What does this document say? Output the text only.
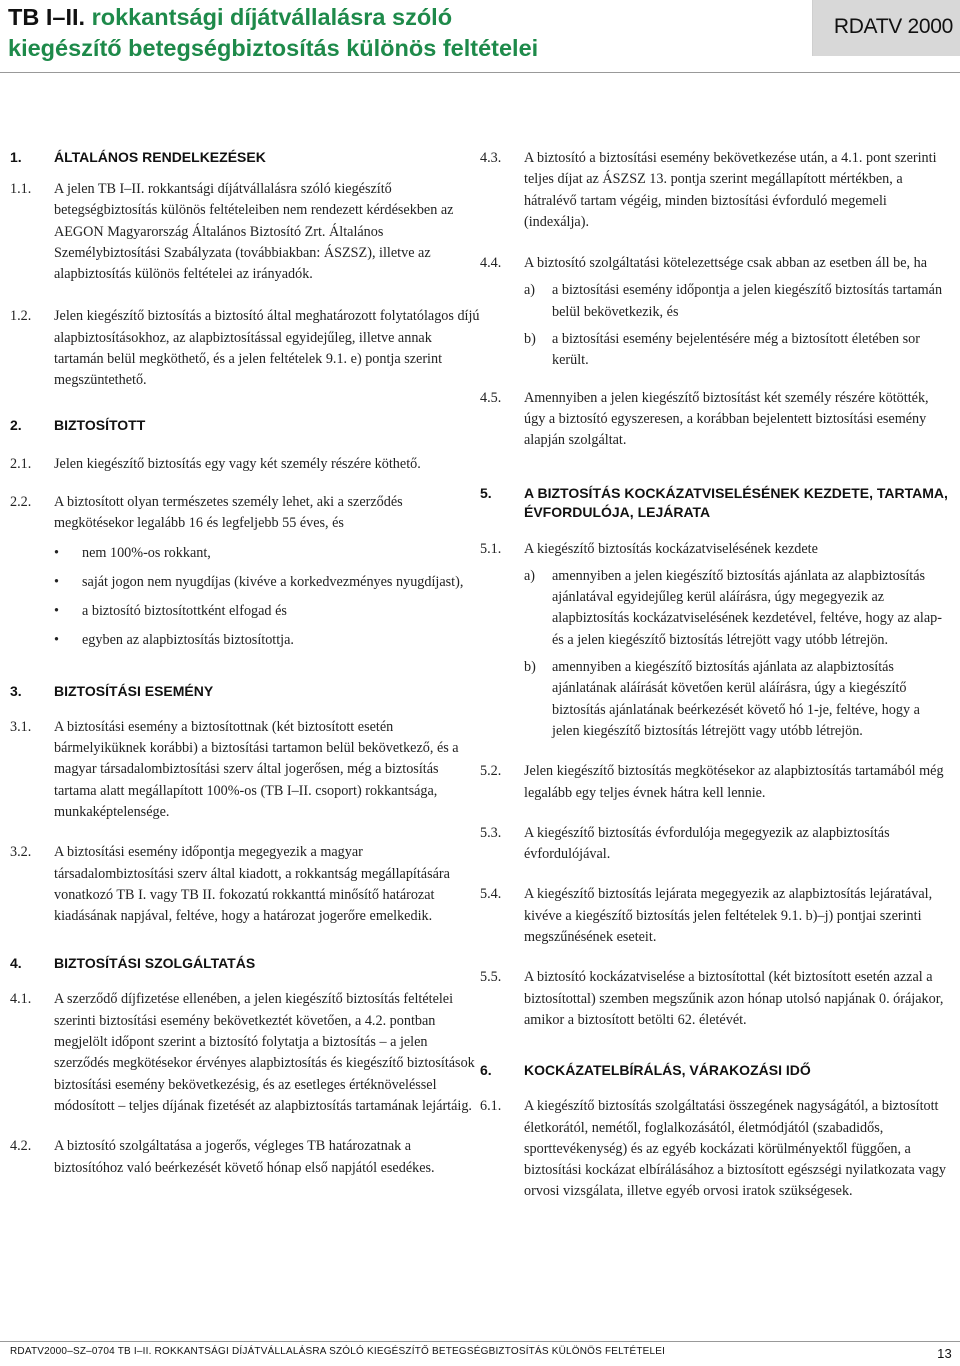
TB I–II. rokkantsági díjátvállalásra szóló
kiegészítő betegségbiztosítás különös feltételei
RDATV 2000
1.	ÁLTALÁNOS RENDELKEZÉSEK
1.1.	A jelen TB I–II. rokkantsági díjátvállalásra szóló kiegészítő betegségbiztosítás különös feltételeiben nem rendezett kérdésekben az AEGON Magyarország Általános Biztosító Zrt. Általános Személybiztosítási Szabályzata (továbbiakban: ÁSZSZ), illetve az alapbiztosítás különös feltételei az irányadók.
1.2.	Jelen kiegészítő biztosítás a biztosító által meghatározott folytatólagos díjú alapbiztosításokhoz, az alapbiztosítással egyidejűleg, illetve annak tartamán belül megköthető, és a jelen feltételek 9.1. e) pontja szerint megszüntethető.
2.	BIZTOSÍTOTT
2.1.	Jelen kiegészítő biztosítás egy vagy két személy részére köthető.
2.2.	A biztosított olyan természetes személy lehet, aki a szerződés megkötésekor legalább 16 és legfeljebb 55 éves, és
•	nem 100%-os rokkant,
•	saját jogon nem nyugdíjas (kivéve a korkedvezményes nyugdíjast),
•	a biztosító biztosítottként elfogad és
•	egyben az alapbiztosítás biztosítottja.
3.	BIZTOSÍTÁSI ESEMÉNY
3.1.	A biztosítási esemény a biztosítottnak (két biztosított esetén bármelyiküknek korábbi) a biztosítási tartamon belül bekövetkező, és a magyar társadalombiztosítási szerv által jogerősen, még a biztosítás tartama alatt megállapított 100%-os (TB I–II. csoport) rokkantsága, munkaképtelensége.
3.2.	A biztosítási esemény időpontja megegyezik a magyar társadalombiztosítási szerv által kiadott, a rokkantság megállapítására vonatkozó TB I. vagy TB II. fokozatú rokkanttá minősítő határozat kiadásának napjával, feltéve, hogy a határozat jogerőre emelkedik.
4.	BIZTOSÍTÁSI SZOLGÁLTATÁS
4.1.	A szerződő díjfizetése ellenében, a jelen kiegészítő biztosítás feltételei szerinti biztosítási esemény bekövetkeztét követően, a 4.2. pontban megjelölt időpont szerint a biztosító folytatja a biztosítás – a jelen szerződés megkötésekor érvényes alapbiztosítás és kiegészítő biztosítások biztosítási esemény bekövetkezésig, és az esetleges értéknöveléssel módosított – teljes díjának fizetését az alapbiztosítás tartamának lejártáig.
4.2.	A biztosító szolgáltatása a jogerős, végleges TB határozatnak a biztosítóhoz való beérkezését követő hónap első napjától esedékes.
4.3.	A biztosító a biztosítási esemény bekövetkezése után, a 4.1. pont szerinti teljes díjat az ÁSZSZ 13. pontja szerint megállapított mértékben, a hátralévő tartam végéig, minden biztosítási évforduló megemeli (indexálja).
4.4.	A biztosító szolgáltatási kötelezettsége csak abban az esetben áll be, ha
a)	a biztosítási esemény időpontja a jelen kiegészítő biztosítás tartamán belül bekövetkezik, és
b)	a biztosítási esemény bejelentésére még a biztosított életében sor került.
4.5.	Amennyiben a jelen kiegészítő biztosítást két személy részére kötötték, úgy a biztosító egyszeresen, a korábban bejelentett biztosítási esemény alapján szolgáltat.
5.	A BIZTOSÍTÁS KOCKÁZATVISELÉSÉNEK KEZDETE, TARTAMA, ÉVFORDULÓJA, LEJÁRATA
5.1.	A kiegészítő biztosítás kockázatviselésének kezdete
a)	amennyiben a jelen kiegészítő biztosítás ajánlata az alapbiztosítás ajánlatával egyidejűleg kerül aláírásra, úgy megegyezik az alapbiztosítás kockázatviselésének kezdetével, feltéve, hogy az alap- és a jelen kiegészítő biztosítás létrejött vagy utóbb létrejön.
b)	amennyiben a kiegészítő biztosítás ajánlata az alapbiztosítás ajánlatának aláírását követően kerül aláírásra, úgy a kiegészítő biztosítás ajánlatának beérkezését követő hó 1-je, feltéve, hogy a jelen kiegészítő biztosítás létrejött vagy utóbb létrejön.
5.2.	Jelen kiegészítő biztosítás megkötésekor az alapbiztosítás tartamából még legalább egy teljes évnek hátra kell lennie.
5.3.	A kiegészítő biztosítás évfordulója megegyezik az alapbiztosítás évfordulójával.
5.4.	A kiegészítő biztosítás lejárata megegyezik az alapbiztosítás lejáratával, kivéve a kiegészítő biztosítás jelen feltételek 9.1. b)–j) pontjai szerinti megszűnésének eseteit.
5.5.	A biztosító kockázatviselése a biztosítottal (két biztosított esetén azzal a biztosítottal) szemben megszűnik azon hónap utolsó napjának 0. órájakor, amikor a biztosított betölti 62. életévét.
6.	KOCKÁZATELBÍRÁLÁS, VÁRAKOZÁSI IDŐ
6.1.	A kiegészítő biztosítás szolgáltatási összegének nagyságától, a biztosított életkorától, nemétől, foglalkozásától, életmódjától (szabadidős, sporttevékenység) és az egyéb kockázati körülményektől függően, a biztosítási kockázat elbírálásához a biztosított egészségi nyilatkozata vagy orvosi vizsgálata, illetve egyéb orvosi iratok szükségesek.
RDATV2000–SZ–0704 TB I–II. ROKKANTSÁGI DÍJÁTVÁLLALÁSRA SZÓLÓ KIEGÉSZÍTŐ BETEGSÉGBIZTOSÍTÁS KÜLÖNÖS FELTÉTELEI	13
